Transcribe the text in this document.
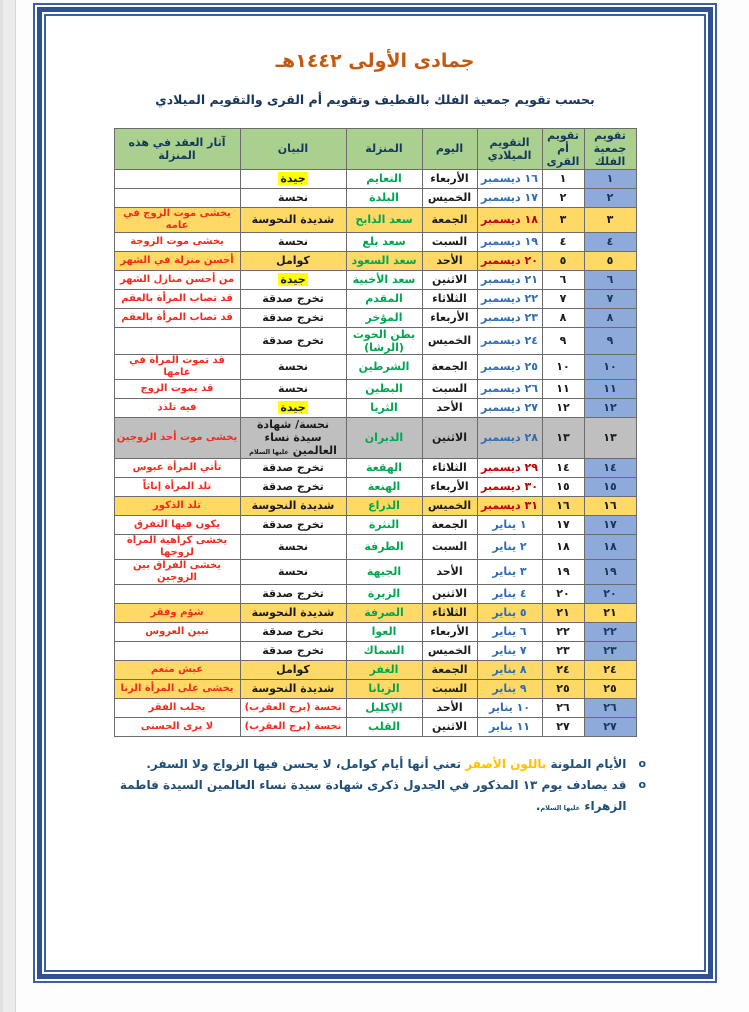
جمادى الأولى ١٤٤٢هـ
بحسب تقويم جمعية الفلك بالقطيف وتقويم أم القرى والتقويم الميلادي
تقويم جمعية الفلك	تقويم أم القرى	التقويم الميلادي	اليوم	المنزلة	البيان	آثار العقد في هذه المنزلة
١	١	١٦ ديسمبر	الأربعاء	التعايم	جيدة	
٢	٢	١٧ ديسمبر	الخميس	البلدة	نحسة	
٣	٣	١٨ ديسمبر	الجمعة	سعد الذابح	شديدة النحوسة	يخشى موت الزوج في عامه
٤	٤	١٩ ديسمبر	السبت	سعد بلع	نحسة	يخشى موت الزوجة
٥	٥	٢٠ ديسمبر	الأحد	سعد السعود	كوامل	أحسن منزلة في الشهر
٦	٦	٢١ ديسمبر	الاثنين	سعد الأخبية	جيدة	من أحسن منازل الشهر
٧	٧	٢٢ ديسمبر	الثلاثاء	المقدم	تخرج صدقة	قد تصاب المرأة بالعقم
٨	٨	٢٣ ديسمبر	الأربعاء	المؤخر	تخرج صدقة	قد تصاب المرأة بالعقم
٩	٩	٢٤ ديسمبر	الخميس	بطن الحوت (الرشا)	تخرج صدقة	
١٠	١٠	٢٥ ديسمبر	الجمعة	الشرطين	نحسة	قد تموت المرأة في عامها
١١	١١	٢٦ ديسمبر	السبت	البطين	نحسة	قد يموت الزوج
١٢	١٢	٢٧ ديسمبر	الأحد	الثريا	جيدة	فيه تلذذ
١٣	١٣	٢٨ ديسمبر	الاثنين	الدبران	نحسة/ شهادة سيدة نساء العالمين عليها السلام	يخشى موت أحد الزوجين
١٤	١٤	٢٩ ديسمبر	الثلاثاء	الهقعة	تخرج صدقة	تأتي المرأة عبوس
١٥	١٥	٣٠ ديسمبر	الأربعاء	الهنعة	تخرج صدقة	تلد المرأة إناثاً
١٦	١٦	٣١ ديسمبر	الخميس	الذراع	شديدة النحوسة	تلد الذكور
١٧	١٧	١ يناير	الجمعة	النثرة	تخرج صدقة	يكون فيها التفرق
١٨	١٨	٢ يناير	السبت	الطرفة	نحسة	يخشى كراهية المرأة لزوجها
١٩	١٩	٣ يناير	الأحد	الجبهة	نحسة	يخشى الفراق بين الزوجين
٢٠	٢٠	٤ يناير	الاثنين	الزبرة	تخرج صدقة	
٢١	٢١	٥ يناير	الثلاثاء	الصرفة	شديدة النحوسة	شؤم وفقر
٢٢	٢٢	٦ يناير	الأربعاء	العوا	تخرج صدقة	تبين العروس
٢٣	٢٣	٧ يناير	الخميس	السماك	تخرج صدقة	
٢٤	٢٤	٨ يناير	الجمعة	الغفر	كوامل	عيش منعم
٢٥	٢٥	٩ يناير	السبت	الزبانا	شديدة النحوسة	يخشى على المرأة الزنا
٢٦	٢٦	١٠ يناير	الأحد	الإكليل	نحسة (برج العقرب)	يجلب الفقر
٢٧	٢٧	١١ يناير	الاثنين	القلب	نحسة (برج العقرب)	لا يرى الحسنى
o
الأيام الملونة باللون الأصفر تعني أنها أيام كوامل، لا يحسن فيها الزواج ولا السفر.
o
قد يصادف يوم ١٣ المذكور في الجدول ذكرى شهادة سيدة نساء العالمين السيدة فاطمة الزهراء عليها السلام.
